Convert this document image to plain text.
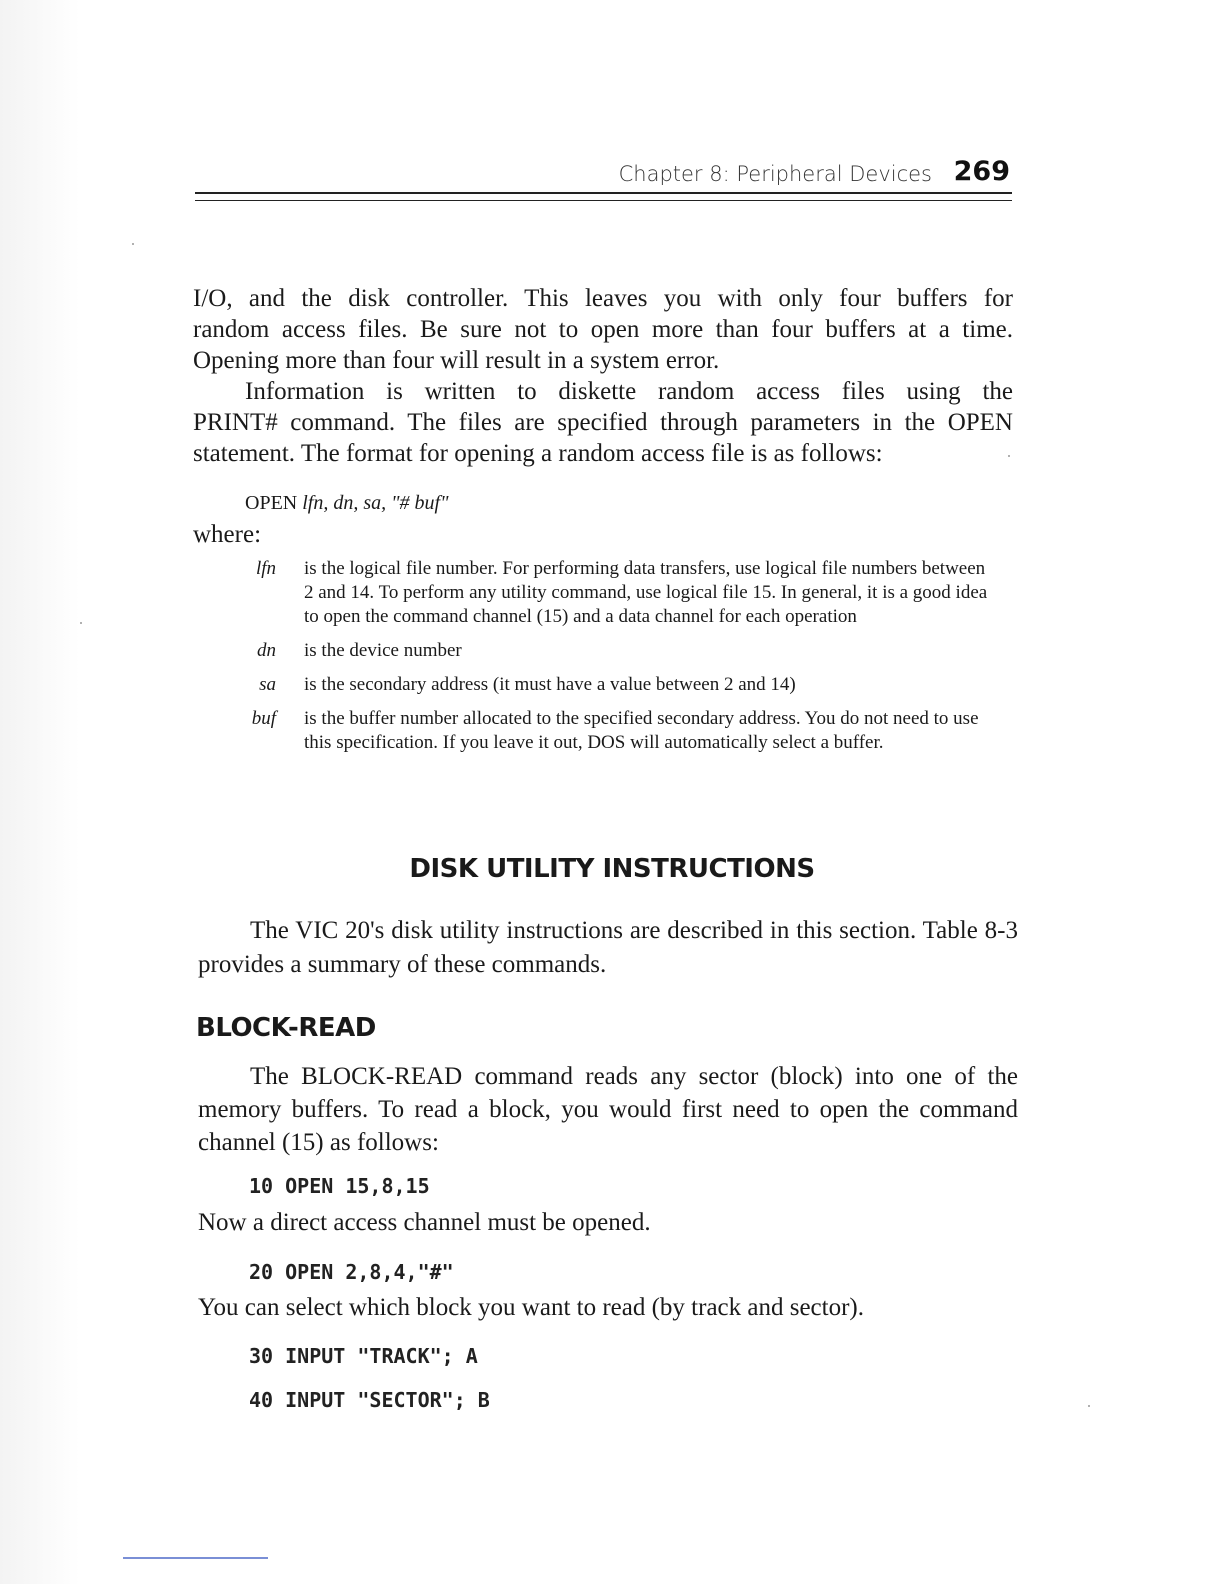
Chapter 8: Peripheral Devices 269
I/O, and the disk controller. This leaves you with only four buffers for
random access files. Be sure not to open more than four buffers at a time.
Opening more than four will result in a system error.
Information is written to diskette random access files using the
PRINT# command. The files are specified through parameters in the OPEN
statement. The format for opening a random access file is as follows:
OPEN lfn, dn, sa, "# buf"
where:
lfn	is the logical file number. For performing data transfers, use logical file numbers between 2 and 14. To perform any utility command, use logical file 15. In general, it is a good idea to open the command channel (15) and a data channel for each operation
dn	is the device number
sa	is the secondary address (it must have a value between 2 and 14)
buf	is the buffer number allocated to the specified secondary address. You do not need to use this specification. If you leave it out, DOS will automatically select a buffer.
DISK UTILITY INSTRUCTIONS
The VIC 20's disk utility instructions are described in this section. Table 8-3 provides a summary of these commands.
BLOCK-READ
The BLOCK-READ command reads any sector (block) into one of the memory buffers. To read a block, you would first need to open the command channel (15) as follows:
10 OPEN 15,8,15
Now a direct access channel must be opened.
20 OPEN 2,8,4,"#"
You can select which block you want to read (by track and sector).
30 INPUT "TRACK"; A
40 INPUT "SECTOR"; B
